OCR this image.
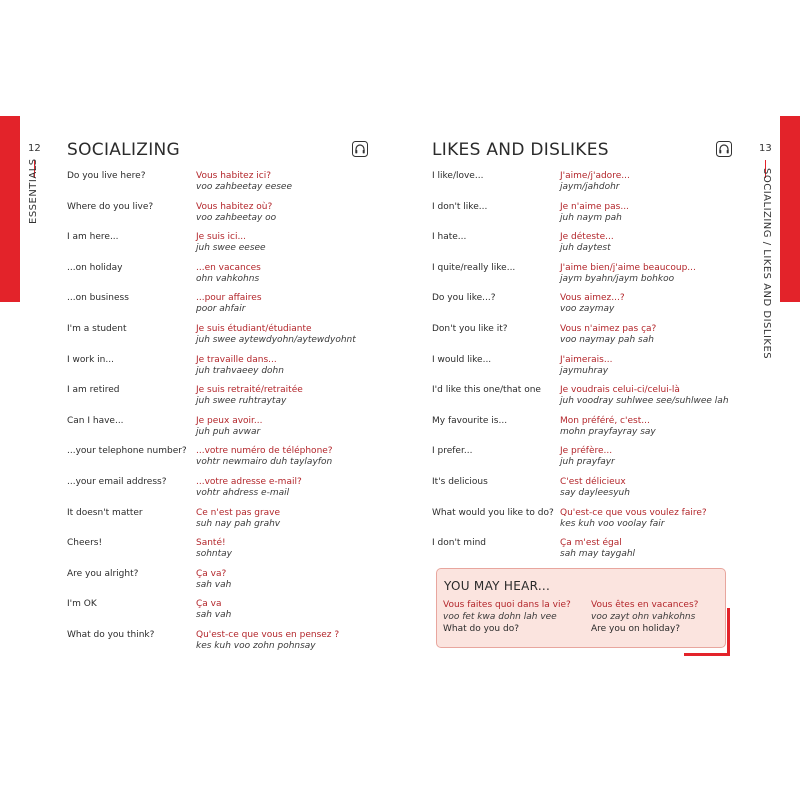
12
ESSENTIALS
SOCIALIZING
Do you live here?	Vous habitez ici?
voo zahbeetay eesee
Where do you live?	Vous habitez où?
voo zahbeetay oo
I am here...	Je suis ici...
juh swee eesee
...on holiday	...en vacances
ohn vahkohns
...on business	...pour affaires
poor ahfair
I'm a student	Je suis étudiant/étudiante
juh swee aytewdyohn/aytewdyohnt
I work in...	Je travaille dans...
juh trahvaeey dohn
I am retired	Je suis retraité/retraitée
juh swee ruhtraytay
Can I have...	Je peux avoir...
juh puh avwar
...your telephone number? ...votre numéro de téléphone?
vohtr newmairo duh taylayfon
...your email address?	...votre adresse e-mail?
vohtr ahdress e-mail
It doesn't matter	Ce n'est pas grave
suh nay pah grahv
Cheers!	Santé!
sohntay
Are you alright?	Ça va?
sah vah
I'm OK	Ça va
sah vah
What do you think?	Qu'est-ce que vous en pensez ?
kes kuh voo zohn pohnsay
13
SOCIALIZING / LIKES AND DISLIKES
LIKES AND DISLIKES
I like/love...	J'aime/j'adore...
jaym/jahdohr
I don't like...	Je n'aime pas...
juh naym pah
I hate...	Je déteste...
juh daytest
I quite/really like...	J'aime bien/j'aime beaucoup...
jaym byahn/jaym bohkoo
Do you like...?	Vous aimez...?
voo zaymay
Don't you like it?	Vous n'aimez pas ça?
voo naymay pah sah
I would like...	J'aimerais...
jaymuhray
I'd like this one/that one Je voudrais celui-ci/celui-là
juh voodray suhlwee see/suhlwee lah
My favourite is...	Mon préféré, c'est...
mohn prayfayray say
I prefer...	Je préfère...
juh prayfayr
It's delicious	C'est délicieux
say dayleesyuh
What would you like to do? Qu'est-ce que vous voulez faire?
kes kuh voo voolay fair
I don't mind	Ça m'est égal
sah may taygahl
YOU MAY HEAR...
Vous faites quoi dans la vie?
voo fet kwa dohn lah vee
What do you do?
Vous êtes en vacances?
voo zayt ohn vahkohns
Are you on holiday?
